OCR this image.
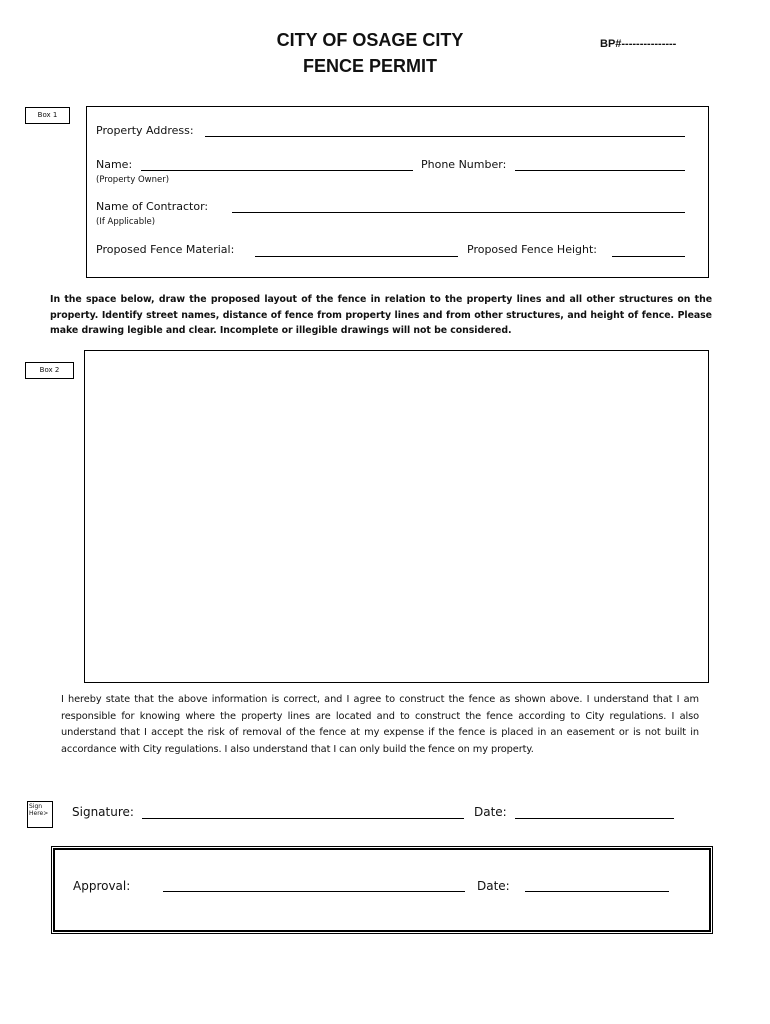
CITY OF OSAGE CITY
FENCE PERMIT
BP#---------------
Box 1
Property Address:
Name:
(Property Owner)
Phone Number:
Name of Contractor:
(If Applicable)
Proposed Fence Material:	Proposed Fence Height:
In the space below, draw the proposed layout of the fence in relation to the property lines and all other structures on the property. Identify street names, distance of fence from property lines and from other structures, and height of fence. Please make drawing legible and clear. Incomplete or illegible drawings will not be considered.
Box 2
I hereby state that the above information is correct, and I agree to construct the fence as shown above. I understand that I am responsible for knowing where the property lines are located and to construct the fence according to City regulations. I also understand that I accept the risk of removal of the fence at my expense if the fence is placed in an easement or is not built in accordance with City regulations. I also understand that I can only build the fence on my property.
Sign
Here> Signature:	Date:
Approval:	Date:
